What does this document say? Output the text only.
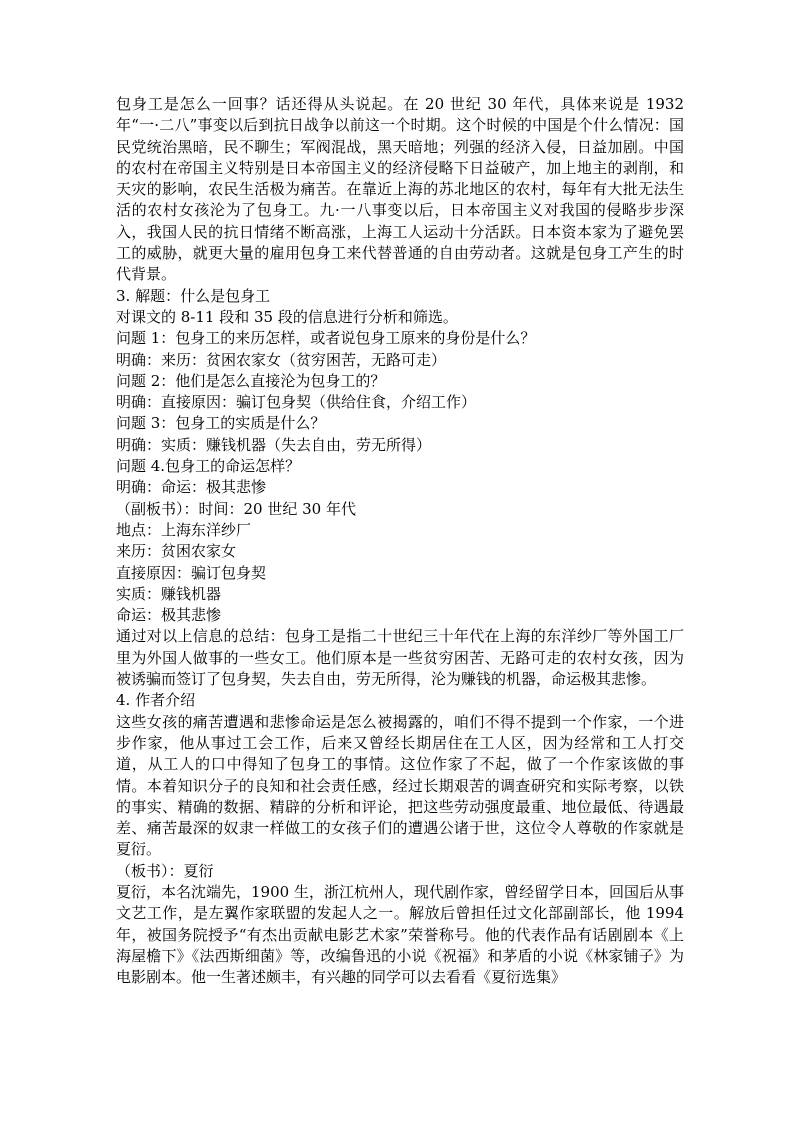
包身工是怎么一回事？话还得从头说起。在 20 世纪 30 年代，具体来说是 1932 年“一·二八”事变以后到抗日战争以前这一个时期。这个时候的中国是个什么情况：国民党统治黑暗，民不聊生；军阀混战，黑天暗地；列强的经济入侵，日益加剧。中国的农村在帝国主义特别是日本帝国主义的经济侵略下日益破产，加上地主的剥削，和天灾的影响，农民生活极为痛苦。在靠近上海的苏北地区的农村，每年有大批无法生活的农村女孩沦为了包身工。九·一八事变以后，日本帝国主义对我国的侵略步步深入，我国人民的抗日情绪不断高涨，上海工人运动十分活跃。日本资本家为了避免罢工的威胁，就更大量的雇用包身工来代替普通的自由劳动者。这就是包身工产生的时代背景。

3. 解题：什么是包身工

对课文的 8-11 段和 35 段的信息进行分析和筛选。

问题 1：包身工的来历怎样，或者说包身工原来的身份是什么？

明确：来历：贫困农家女（贫穷困苦，无路可走）

问题 2：他们是怎么直接沦为包身工的？

明确：直接原因：骗订包身契（供给住食，介绍工作）

问题 3：包身工的实质是什么？

明确：实质：赚钱机器（失去自由，劳无所得）

问题 4.包身工的命运怎样？

明确：命运：极其悲惨

（副板书）：时间：20 世纪 30 年代

地点：上海东洋纱厂

来历：贫困农家女

直接原因：骗订包身契

实质：赚钱机器

命运：极其悲惨

通过对以上信息的总结：包身工是指二十世纪三十年代在上海的东洋纱厂等外国工厂里为外国人做事的一些女工。他们原本是一些贫穷困苦、无路可走的农村女孩，因为被诱骗而签订了包身契，失去自由，劳无所得，沦为赚钱的机器，命运极其悲惨。

4. 作者介绍

这些女孩的痛苦遭遇和悲惨命运是怎么被揭露的，咱们不得不提到一个作家，一个进步作家，他从事过工会工作，后来又曾经长期居住在工人区，因为经常和工人打交道，从工人的口中得知了包身工的事情。这位作家了不起，做了一个作家该做的事情。本着知识分子的良知和社会责任感，经过长期艰苦的调查研究和实际考察，以铁的事实、精确的数据、精辟的分析和评论，把这些劳动强度最重、地位最低、待遇最差、痛苦最深的奴隶一样做工的女孩子们的遭遇公诸于世，这位令人尊敬的作家就是夏衍。

（板书）：夏衍

夏衍，本名沈端先，1900 生，浙江杭州人，现代剧作家，曾经留学日本，回国后从事文艺工作，是左翼作家联盟的发起人之一。解放后曾担任过文化部副部长，他 1994 年，被国务院授予“有杰出贡献电影艺术家”荣誉称号。他的代表作品有话剧剧本《上海屋檐下》《法西斯细菌》等，改编鲁迅的小说《祝福》和茅盾的小说《林家铺子》为电影剧本。他一生著述颇丰，有兴趣的同学可以去看看《夏衍选集》
